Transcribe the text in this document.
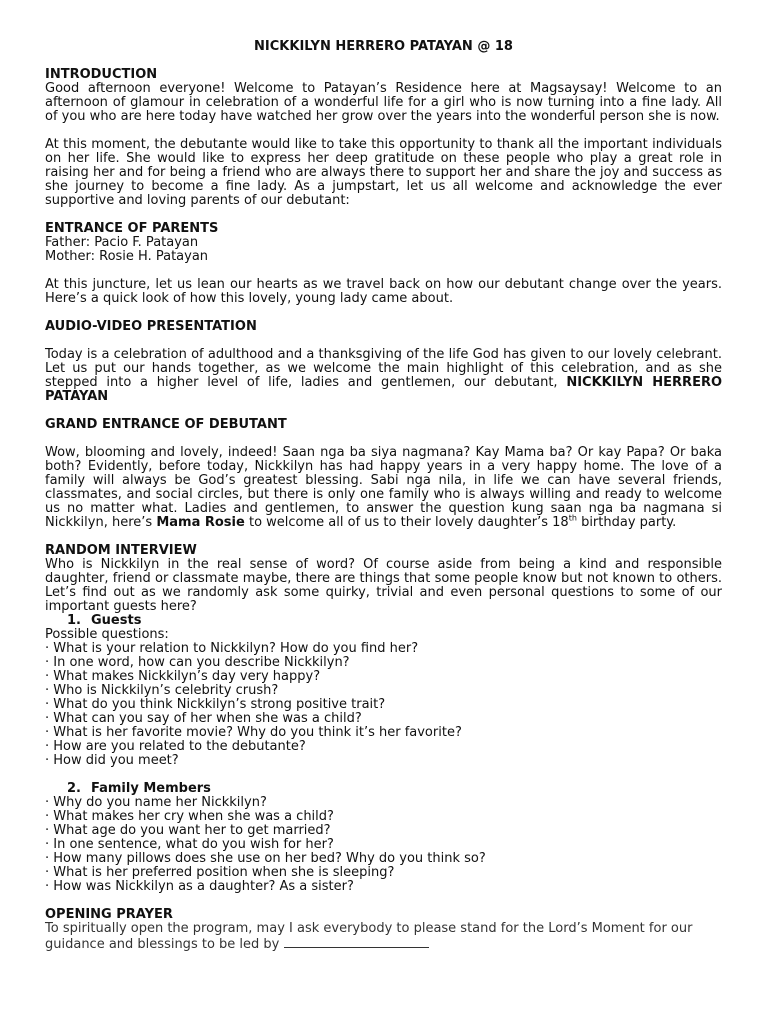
NICKKILYN HERRERO PATAYAN @ 18
INTRODUCTION

Good afternoon everyone! Welcome to Patayan’s Residence here at Magsaysay! Welcome to an afternoon of glamour in celebration of a wonderful life for a girl who is now turning into a fine lady. All of you who are here today have watched her grow over the years into the wonderful person she is now.

At this moment, the debutante would like to take this opportunity to thank all the important individuals on her life. She would like to express her deep gratitude on these people who play a great role in raising her and for being a friend who are always there to support her and share the joy and success as she journey to become a fine lady. As a jumpstart, let us all welcome and acknowledge the ever supportive and loving parents of our debutant:

ENTRANCE OF PARENTS
Father: Pacio F. Patayan
Mother: Rosie H. Patayan

At this juncture, let us lean our hearts as we travel back on how our debutant change over the years. Here’s a quick look of how this lovely, young lady came about.

AUDIO-VIDEO PRESENTATION

Today is a celebration of adulthood and a thanksgiving of the life God has given to our lovely celebrant. Let us put our hands together, as we welcome the main highlight of this celebration, and as she stepped into a higher level of life, ladies and gentlemen, our debutant, NICKKILYN HERRERO PATAYAN

GRAND ENTRANCE OF DEBUTANT

Wow, blooming and lovely, indeed! Saan nga ba siya nagmana? Kay Mama ba? Or kay Papa? Or baka both? Evidently, before today, Nickkilyn has had happy years in a very happy home. The love of a family will always be God’s greatest blessing. Sabi nga nila, in life we can have several friends, classmates, and social circles, but there is only one family who is always willing and ready to welcome us no matter what. Ladies and gentlemen, to answer the question kung saan nga ba nagmana si Nickkilyn, here’s Mama Rosie to welcome all of us to their lovely daughter’s 18th birthday party.

RANDOM INTERVIEW

Who is Nickkilyn in the real sense of word? Of course aside from being a kind and responsible daughter, friend or classmate maybe, there are things that some people know but not known to others. Let’s find out as we randomly ask some quirky, trivial and even personal questions to some of our important guests here?

1. Guests
Possible questions:
· What is your relation to Nickkilyn? How do you find her?
· In one word, how can you describe Nickkilyn?
· What makes Nickkilyn’s day very happy?
· Who is Nickkilyn’s celebrity crush?
· What do you think Nickkilyn’s strong positive trait?
· What can you say of her when she was a child?
· What is her favorite movie? Why do you think it’s her favorite?
· How are you related to the debutante?
· How did you meet?
2. Family Members
· Why do you name her Nickkilyn?
· What makes her cry when she was a child?
· What age do you want her to get married?
· In one sentence, what do you wish for her?
· How many pillows does she use on her bed? Why do you think so?
· What is her preferred position when she is sleeping?
· How was Nickkilyn as a daughter? As a sister?
OPENING PRAYER

To spiritually open the program, may I ask everybody to please stand for the Lord’s Moment for our guidance and blessings to be led by
